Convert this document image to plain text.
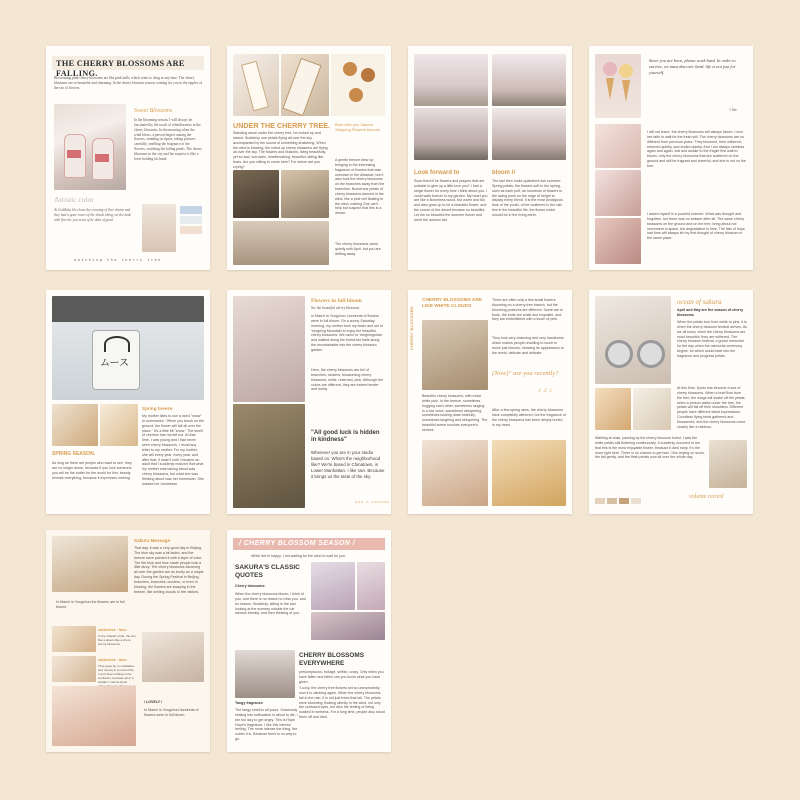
THE CHERRY BLOSSOMS ARE FALLING.

Blossoming pink cherry blossoms are like pink balls, which seem to cling at any time. The cherry blossoms are so beautiful and charming. In the cherry blossom season, waiting for you in the ripples of the sea of flowers.

Sweet Blossoms

In the blooming season, I will always be fascinated by the touch of relentlessness in the cherry blossoms. In the morning when the wind blows, a person lingers among the flowers, standing on tiptoe, taking pictures carefully, smelling the fragrance of the flowers, watching the falling petals. The cherry blossoms in the city and the surprise is like a lover holding his hand.

Artistic color

At Goldlake ble clone the crossing of ther charm and they had a gone cours of the shook ching, on the kade with fine the you seem of be dam of good

watching the cherry tree

UNDER THE CHERRY TREE.

Standing alone under the cherry tree, he looked up and stared. Suddenly one petals flying all over the sky accompanied by the sound of something shattering. When the wind is blowing, the rolled up cherry blossoms are flying all over the sky. The flowers and illusions, living beautifully, yet so sad, sorrowful, heartbreaking, beautiful, falling like tears. Are you willing to come here? For where are you crying?

Beer with you Sakura Stepping Flowers blooms

A gentle breeze blew up bringing in the interesting fragrance of flowers that was unknown in the distance, but it also took the cherry blossoms on the branches away from the branches. Numerous petals of cherry blossoms danced in the wind, like a pink veil floating in the wind, making One can't help but suspect that this is a dream.

The cherry blossoms came quietly with April, but you are drifting away.

Look forward to

Soon there'll be flowers and prayers that are suitable to give up a little love you? I had a single flower for every time I think about you. I could walk forever in my garden. My heart you are like a flowerless wood, but warm and fall, and also grow up to be a beautiful flower, and the corner of the desert became so beautiful. Let the so beautiful the summer flower and merit the autumn fall.

bloom //

The last then make quaintrimt ask summer: Spring petals, the flowers soft to the spring, such as each puff, as hundreds of flowers in the swing push on the edge of height to display every blend. It is the most prodigious time of the youth, of the scattered in the rain line in the beautiful life, the flower which should be in the living earth.

Since you are born, please work hard. In order to survive, we must discover hard. life is not just for yourself.

// life

I will not leave, the cherry blossoms will always bloom. I love her faith to wait for the fresh will. The cherry blossoms are no different from previous years. They bloomed, then withered, returned quietly, and ended quietly. And I am always careless again and again, lost and awake to the fragile first wait to bloom, only the cherry blossoms that are scattered on the ground and still be fragrant and cheerful, and she is not on the tree.

I asked myself in a puzzled manner: What was thought and forgotten, but there was no answer after all. The same cherry blossoms on the ground and on the tree, bring about not movement in space, but degradation in time. The fate of hope had time will always let my first thought of cherry blossom in the same place.

ムース

Spring breeze

My mother likes to use a word "snow" to summarize: "When you brush on the ground, the flower will fall all over the place." It's a little bit "snow." The smell of cherries has not left me. At that time, I was young and I had never seen cherry blossoms. I recall any letter to my mother. For my mother, she will every year, every year, and after that, it wasn't until I became an adult that I suddenly realized that what my mother was talking about was cherry blossoms, but what she was thinking about was her hometown. She missed her hometown.

SPRING SEASON.

As long as there are people who want to see, they are no longer alone, because if you love someone, you will be the butter for the world for him, beauty reveals everything, because it expresses nothing.

Flowers in full bloom

See the beautiful cherry blossoms

In March in Yongchun, hundreds of flowers were in full bloom. On a sunny Saturday morning, my mother took my sister and me to Yongning Mountain to enjoy the beautiful cherry blossoms. We came to Yongningshan and walked along the forest-set trails along the mountainside into the cherry blossom garden.

Here, the cherry blossoms are full of branches, clusters, blossoming cherry blossoms, white, reserved, pink. Although the colors are different, they are indeed tender and lovely.

"All good luck is hidden in kindness"

Wherever you are in your studio based on. What's the neighborhood like? We're based in Chinatown, in Lower Manhattan. I like rain. Because it brings us the taste of the sky.

ooo ∞ oooooo

CHERRY BLOSSOMS

CHERRY BLOSSOMS ARE LIKE WHITE CLOUDS

There are often only a few small flowers blooming on a cherry tree branch, but the blooming postures are different. Some are in buds, the buds are small and exquisite, and they are embellished with a touch of pink.

They look very charming and very handsome which makes people unwilling to touch to move just blooms, showing its appearance to the world, delicate and delicate.

(Now)" are you recently?

♪ ♫ ♪

Beautiful cherry blossoms, with moist white pink. In the breeze, sometimes hugging each other, sometimes singing in a low voice, sometimes whispering, sometimes looking down tearfully, sometimes laughing and whispering. The beautiful scene touches everyone's senses.

After a few spring rains, the cherry blossoms have completely withered, but the fragrance of the cherry blossoms has been deeply buried in my heart.

ocean of sakura

April and May are the season of cherry blossoms

When the petals turn from white to pink, it is when the cherry blossom festival arrives. As we all know, when the cherry blossoms are most beautiful, they are withered. The cherry blossom festival, a grand memorial for the day when the memorial ceremony begins, for which would fade into the fragrance and progress petals.

At this time, Kyoto has become a sea of cherry blossoms. When a brief flow from the tree, the wings will shake off the petals; when a person walks under the tree, the petals will fall off their shoulders. Different people have different facial expressions. Countless flying birds gathered and blossomed, and the cherry blossoms come closely like a rainbow.

Walking at dusk, passing by the cherry blossom forest, I saw the white petals still fluttering continuously. It suddenly occurred to me that this is the most enjoyable flower, because it died early. It's the most right here. There is no chance to get bad. I like relying on snow, the fall gently, and the flesh petals now all over the whole day.

volume record

Sakura Message

That day, it was a very good day in Beijing. The blue sky was a bit faded, and the breeze were painted it with a layer of color. The fire blue and blue made people look a little dizzy. The cherry blossoms blooming all over the garden are as lovely as a maple day. During the Spring Festival in Beijing, branches, branches, clusters, or even in blowing, the flowers are swaying in the breeze, like smiling clouds to the visitors.

In March in Yongchun the flowers are in full bloom.

sunbreeze · bloo

In the chapter of life, the sun like a dream like a shore cherry blossoms

sunbreeze · bloo

Time goes by, in meditation and reverie in a road of life, I can't bear nothing in the confusion, because all of a sudden I cannot know

/ LOVELY /

In March in Yongchun hundreds of flowers were in full bloom.

/ CHERRY BLOSSOM SEASON /

While live in happy, I am waiting for the wind to wait for you.

SAKURA'S CLASSIC QUOTES

Cherry blossoms:

When the cherry blossoms bloom, I think of you, and there is no reason to miss you, and no reason. Suddenly, sitting in the sad looking at the scenery outside the car window blankly, and then thinking of you.

CHERRY BLOSSOMS EVERYWHERE

presumptuous, indulge, selfish, crazy. Only when you have fallen and fallen can you know what you have given.

Tangy fragrance

The tangy smell is all yours. Graciously sinking into suffocation is about to die, I am too lazy to get angry. This is Hope Hope's fragrance. I like this intense feeling. The more intense the thing, the colder it is. Because there is no way to go.

"Lucky, the cherry tree flowers set so unexpectedly now it is climbing again. When the cherry blossoms fall in the rain, it is not just trees that fall. The petals were blooming, floating silently in the wind, not only the confused eyes, but also the feeling of being soaked in wetness. For a long time, people also stood them off and died.
